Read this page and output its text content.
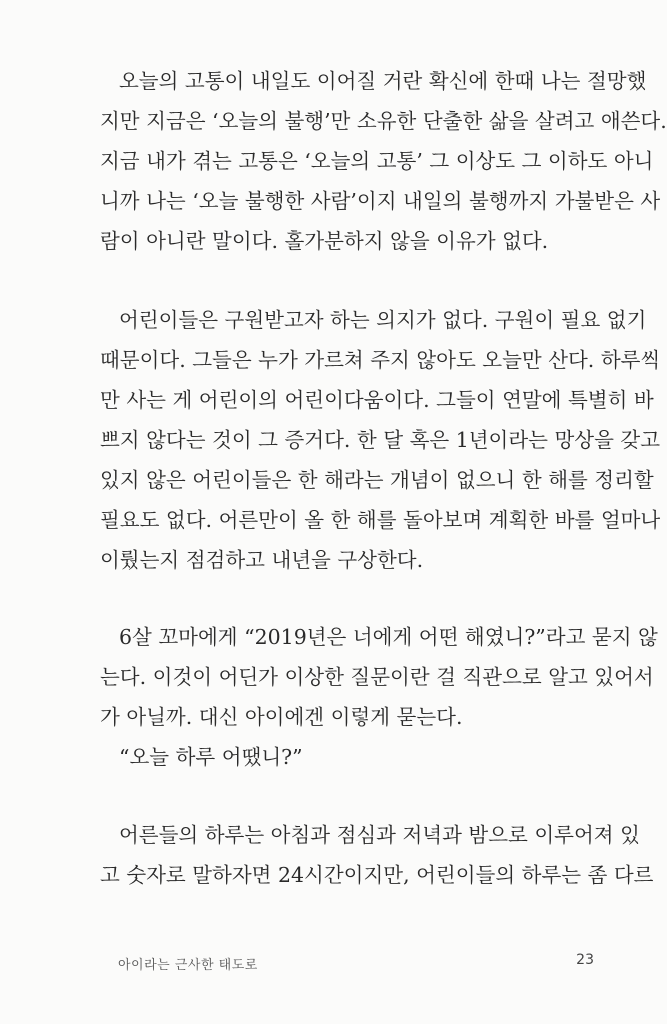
오늘의 고통이 내일도 이어질 거란 확신에 한때 나는 절망했
지만 지금은 ‘오늘의 불행’만 소유한 단출한 삶을 살려고 애쓴다.
지금 내가 겪는 고통은 ‘오늘의 고통’ 그 이상도 그 이하도 아니
니까 나는 ‘오늘 불행한 사람’이지 내일의 불행까지 가불받은 사
람이 아니란 말이다. 홀가분하지 않을 이유가 없다.
어린이들은 구원받고자 하는 의지가 없다. 구원이 필요 없기
때문이다. 그들은 누가 가르쳐 주지 않아도 오늘만 산다. 하루씩
만 사는 게 어린이의 어린이다움이다. 그들이 연말에 특별히 바
쁘지 않다는 것이 그 증거다. 한 달 혹은 1년이라는 망상을 갖고
있지 않은 어린이들은 한 해라는 개념이 없으니 한 해를 정리할
필요도 없다. 어른만이 올 한 해를 돌아보며 계획한 바를 얼마나
이뤘는지 점검하고 내년을 구상한다.
6살 꼬마에게 “2019년은 너에게 어떤 해였니?”라고 묻지 않
는다. 이것이 어딘가 이상한 질문이란 걸 직관으로 알고 있어서
가 아닐까. 대신 아이에겐 이렇게 묻는다.
“오늘 하루 어땠니?”
어른들의 하루는 아침과 점심과 저녁과 밤으로 이루어져 있
고 숫자로 말하자면 24시간이지만, 어린이들의 하루는 좀 다르
아이라는 근사한 태도로	23
